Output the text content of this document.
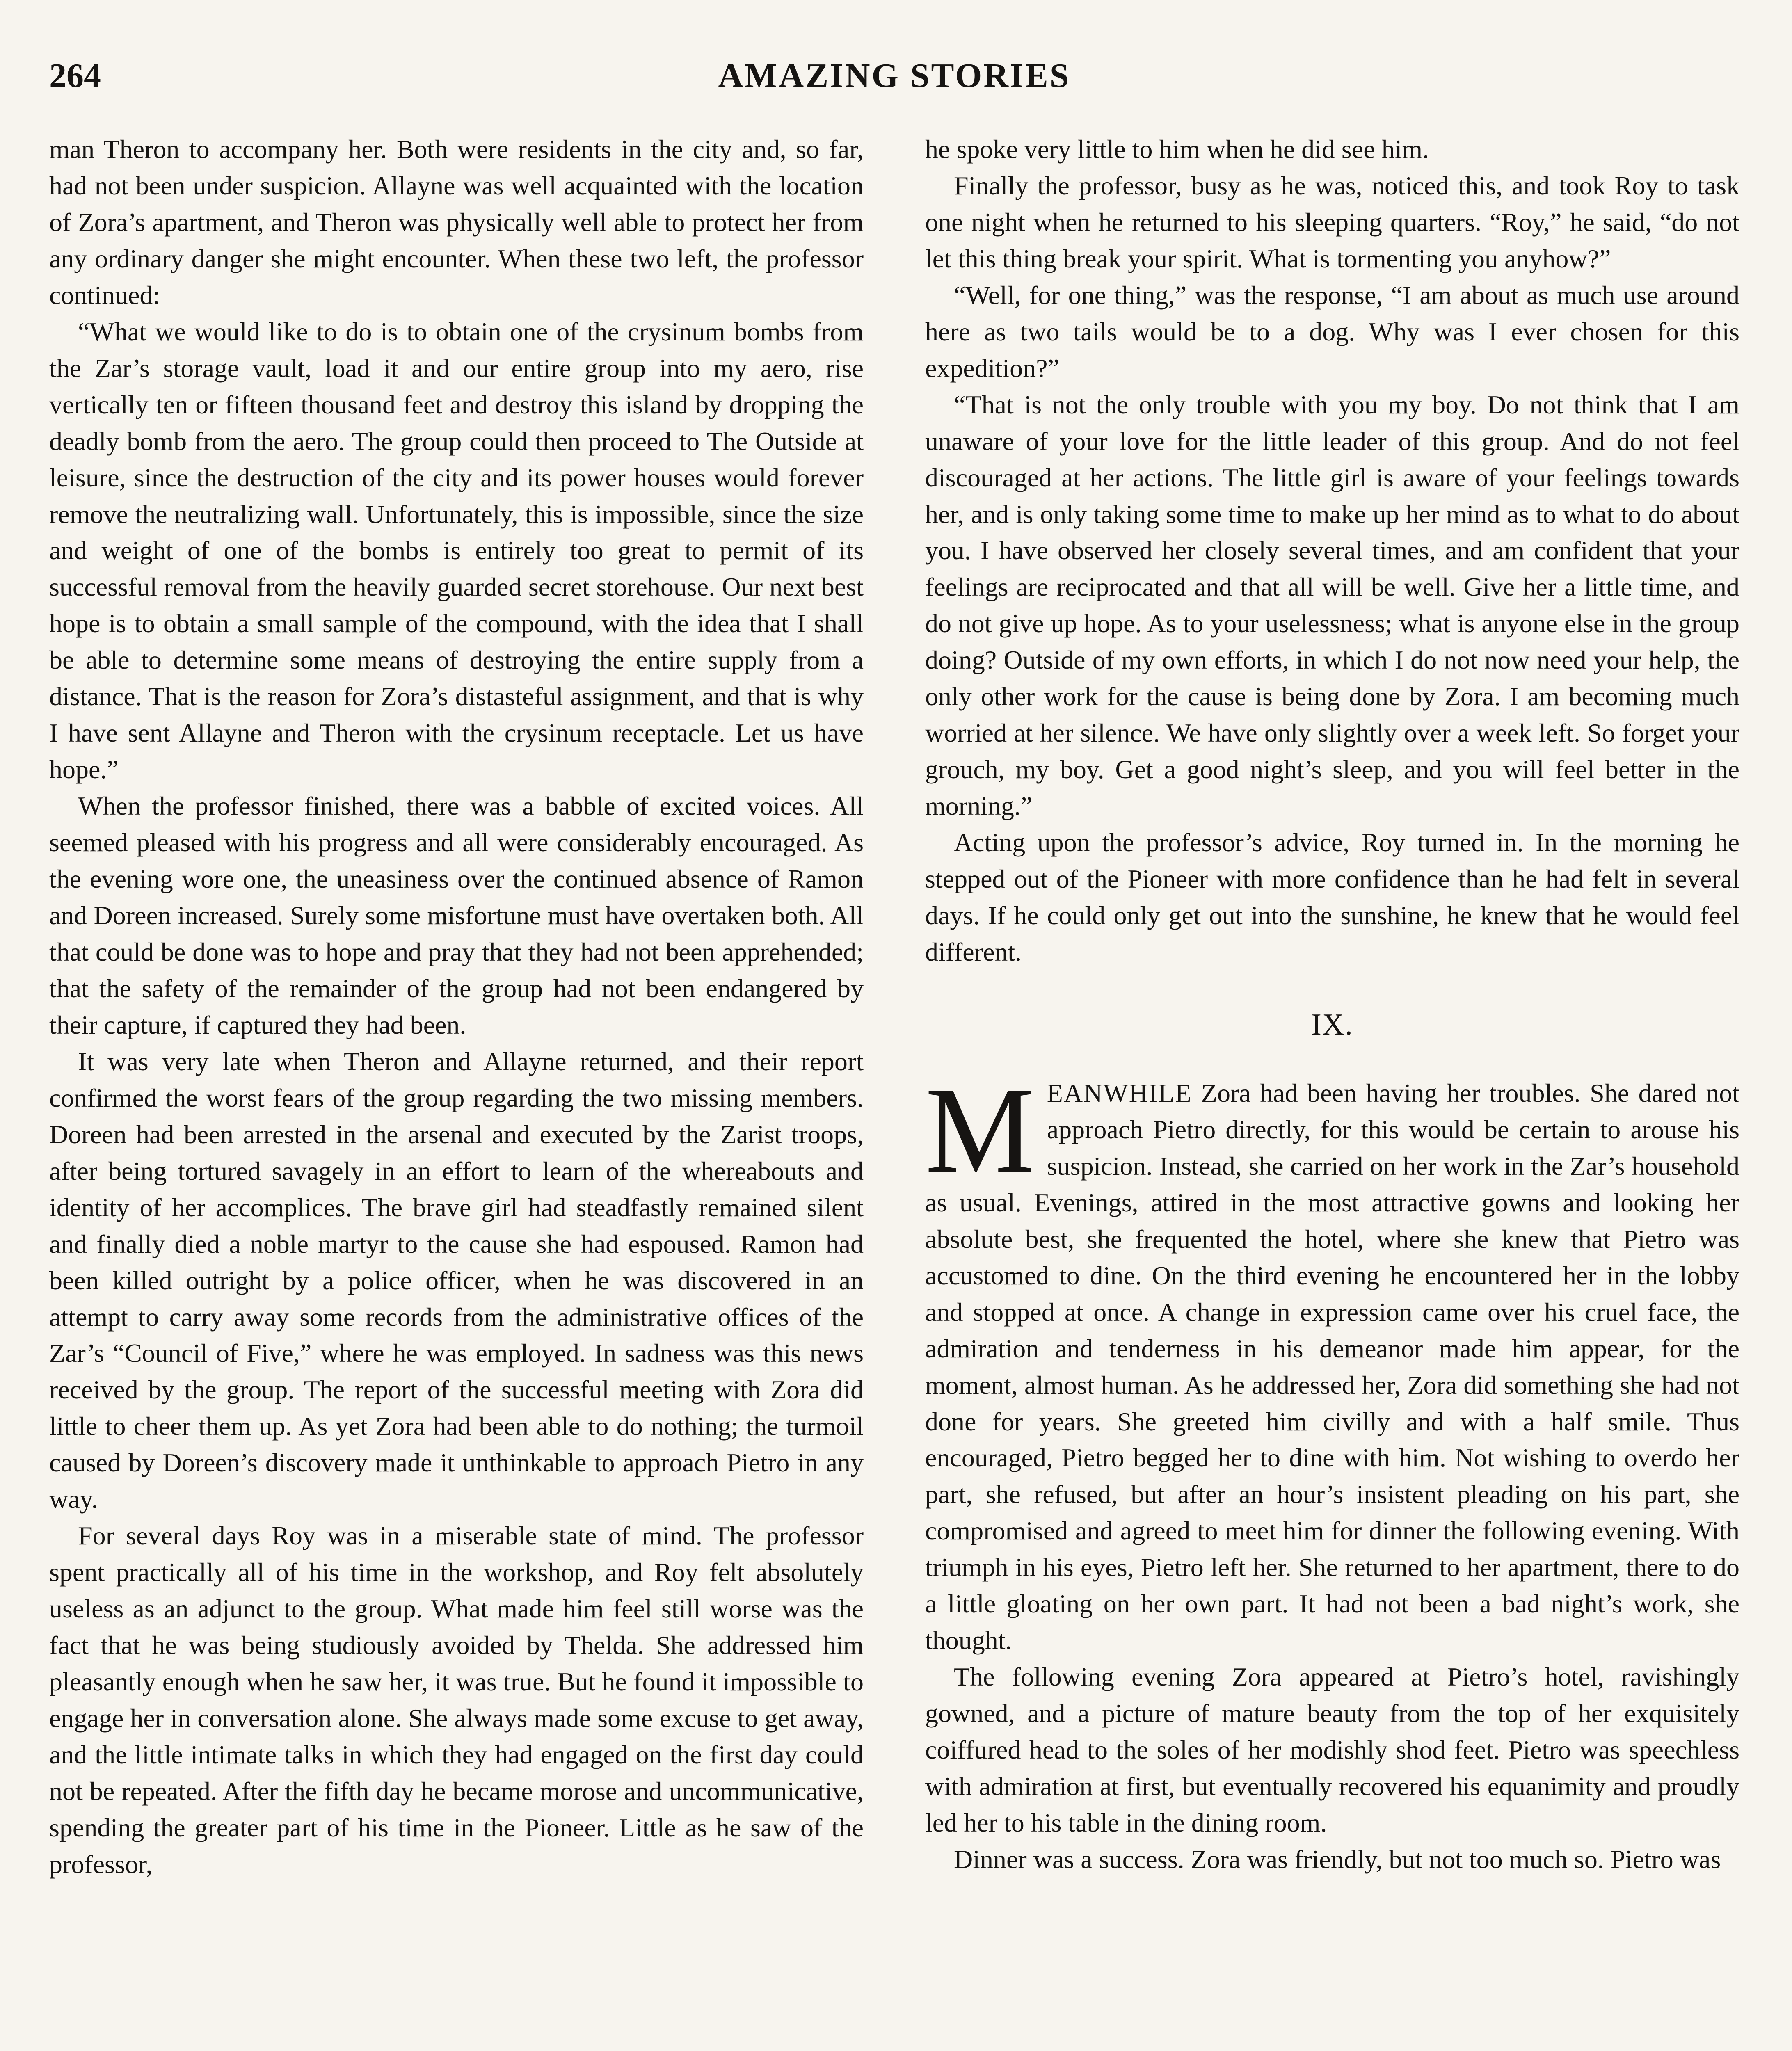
AMAZING STORIES
264

man Theron to accompany her. Both were residents in the city and, so far, had not been under suspicion. Allayne was well acquainted with the location of Zora’s apartment, and Theron was physically well able to protect her from any ordinary danger she might encounter. When these two left, the professor continued:

“What we would like to do is to obtain one of the crysinum bombs from the Zar’s storage vault, load it and our entire group into my aero, rise vertically ten or fifteen thousand feet and destroy this island by dropping the deadly bomb from the aero. The group could then proceed to The Outside at leisure, since the destruction of the city and its power houses would forever remove the neutralizing wall. Unfortunately, this is impossible, since the size and weight of one of the bombs is entirely too great to permit of its successful removal from the heavily guarded secret storehouse. Our next best hope is to obtain a small sample of the compound, with the idea that I shall be able to determine some means of destroying the entire supply from a distance. That is the reason for Zora’s distasteful assignment, and that is why I have sent Allayne and Theron with the crysinum receptacle. Let us have hope.”

When the professor finished, there was a babble of excited voices. All seemed pleased with his progress and all were considerably encouraged. As the evening wore one, the uneasiness over the continued absence of Ramon and Doreen increased. Surely some misfortune must have overtaken both. All that could be done was to hope and pray that they had not been apprehended; that the safety of the remainder of the group had not been endangered by their capture, if captured they had been.

It was very late when Theron and Allayne returned, and their report confirmed the worst fears of the group regarding the two missing members. Doreen had been arrested in the arsenal and executed by the Zarist troops, after being tortured savagely in an effort to learn of the whereabouts and identity of her accomplices. The brave girl had steadfastly remained silent and finally died a noble martyr to the cause she had espoused. Ramon had been killed outright by a police officer, when he was discovered in an attempt to carry away some records from the administrative offices of the Zar’s “Council of Five,” where he was employed. In sadness was this news received by the group. The report of the successful meeting with Zora did little to cheer them up. As yet Zora had been able to do nothing; the turmoil caused by Doreen’s discovery made it unthinkable to approach Pietro in any way.

For several days Roy was in a miserable state of mind. The professor spent practically all of his time in the workshop, and Roy felt absolutely useless as an adjunct to the group. What made him feel still worse was the fact that he was being studiously avoided by Thelda. She addressed him pleasantly enough when he saw her, it was true. But he found it impossible to engage her in conversation alone. She always made some excuse to get away, and the little intimate talks in which they had engaged on the first day could not be repeated. After the fifth day he became morose and uncommunicative, spending the greater part of his time in the Pioneer. Little as he saw of the professor,

he spoke very little to him when he did see him.

Finally the professor, busy as he was, noticed this, and took Roy to task one night when he returned to his sleeping quarters. “Roy,” he said, “do not let this thing break your spirit. What is tormenting you anyhow?”

“Well, for one thing,” was the response, “I am about as much use around here as two tails would be to a dog. Why was I ever chosen for this expedition?”

“That is not the only trouble with you my boy. Do not think that I am unaware of your love for the little leader of this group. And do not feel discouraged at her actions. The little girl is aware of your feelings towards her, and is only taking some time to make up her mind as to what to do about you. I have observed her closely several times, and am confident that your feelings are reciprocated and that all will be well. Give her a little time, and do not give up hope. As to your uselessness; what is anyone else in the group doing? Outside of my own efforts, in which I do not now need your help, the only other work for the cause is being done by Zora. I am becoming much worried at her silence. We have only slightly over a week left. So forget your grouch, my boy. Get a good night’s sleep, and you will feel better in the morning.”

Acting upon the professor’s advice, Roy turned in. In the morning he stepped out of the Pioneer with more confidence than he had felt in several days. If he could only get out into the sunshine, he knew that he would feel different.

IX.

MEANWHILE Zora had been having her troubles. She dared not approach Pietro directly, for this would be certain to arouse his suspicion. Instead, she carried on her work in the Zar’s household as usual. Evenings, attired in the most attractive gowns and looking her absolute best, she frequented the hotel, where she knew that Pietro was accustomed to dine. On the third evening he encountered her in the lobby and stopped at once. A change in expression came over his cruel face, the admiration and tenderness in his demeanor made him appear, for the moment, almost human. As he addressed her, Zora did something she had not done for years. She greeted him civilly and with a half smile. Thus encouraged, Pietro begged her to dine with him. Not wishing to overdo her part, she refused, but after an hour’s insistent pleading on his part, she compromised and agreed to meet him for dinner the following evening. With triumph in his eyes, Pietro left her. She returned to her apartment, there to do a little gloating on her own part. It had not been a bad night’s work, she thought.

The following evening Zora appeared at Pietro’s hotel, ravishingly gowned, and a picture of mature beauty from the top of her exquisitely coiffured head to the soles of her modishly shod feet. Pietro was speechless with admiration at first, but eventually recovered his equanimity and proudly led her to his table in the dining room.

Dinner was a success. Zora was friendly, but not too much so. Pietro was
